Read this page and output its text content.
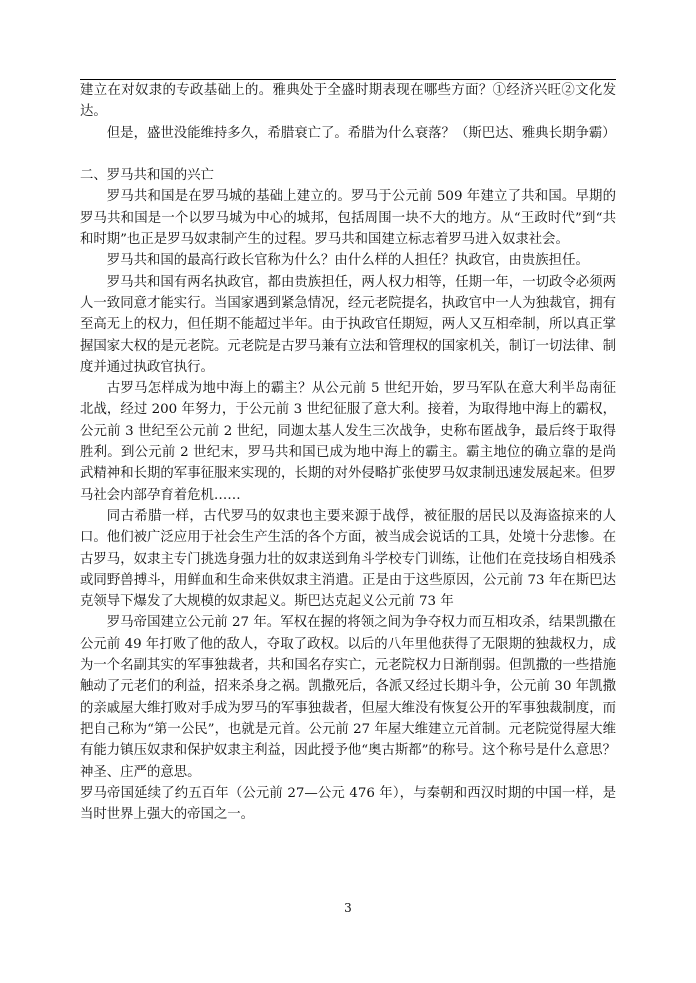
建立在对奴隶的专政基础上的。雅典处于全盛时期表现在哪些方面？①经济兴旺②文化发达。

但是，盛世没能维持多久，希腊衰亡了。希腊为什么衰落？（斯巴达、雅典长期争霸）

二、罗马共和国的兴亡

罗马共和国是在罗马城的基础上建立的。罗马于公元前 509 年建立了共和国。早期的罗马共和国是一个以罗马城为中心的城邦，包括周围一块不大的地方。从“王政时代”到“共和时期”也正是罗马奴隶制产生的过程。罗马共和国建立标志着罗马进入奴隶社会。

罗马共和国的最高行政长官称为什么？由什么样的人担任？执政官，由贵族担任。

罗马共和国有两名执政官，都由贵族担任，两人权力相等，任期一年，一切政令必须两人一致同意才能实行。当国家遇到紧急情况，经元老院提名，执政官中一人为独裁官，拥有至高无上的权力，但任期不能超过半年。由于执政官任期短，两人又互相牵制，所以真正掌握国家大权的是元老院。元老院是古罗马兼有立法和管理权的国家机关，制订一切法律、制度并通过执政官执行。

古罗马怎样成为地中海上的霸主？从公元前 5 世纪开始，罗马军队在意大利半岛南征北战，经过 200 年努力，于公元前 3 世纪征服了意大利。接着，为取得地中海上的霸权，公元前 3 世纪至公元前 2 世纪，同迦太基人发生三次战争，史称布匿战争，最后终于取得胜利。到公元前 2 世纪末，罗马共和国已成为地中海上的霸主。霸主地位的确立靠的是尚武精神和长期的军事征服来实现的，长期的对外侵略扩张使罗马奴隶制迅速发展起来。但罗马社会内部孕育着危机……

同古希腊一样，古代罗马的奴隶也主要来源于战俘，被征服的居民以及海盗掠来的人口。他们被广泛应用于社会生产生活的各个方面，被当成会说话的工具，处境十分悲惨。在古罗马，奴隶主专门挑选身强力壮的奴隶送到角斗学校专门训练，让他们在竞技场自相残杀或同野兽搏斗，用鲜血和生命来供奴隶主消遣。正是由于这些原因，公元前 73 年在斯巴达克领导下爆发了大规模的奴隶起义。斯巴达克起义公元前 73 年

罗马帝国建立公元前 27 年。军权在握的将领之间为争夺权力而互相攻杀，结果凯撒在公元前 49 年打败了他的敌人，夺取了政权。以后的八年里他获得了无限期的独裁权力，成为一个名副其实的军事独裁者，共和国名存实亡，元老院权力日渐削弱。但凯撒的一些措施触动了元老们的利益，招来杀身之祸。凯撒死后，各派又经过长期斗争，公元前 30 年凯撒的亲戚屋大维打败对手成为罗马的军事独裁者，但屋大维没有恢复公开的军事独裁制度，而把自己称为“第一公民”，也就是元首。公元前 27 年屋大维建立元首制。元老院觉得屋大维有能力镇压奴隶和保护奴隶主利益，因此授予他“奥古斯都”的称号。这个称号是什么意思？神圣、庄严的意思。

罗马帝国延续了约五百年（公元前 27—公元 476 年），与秦朝和西汉时期的中国一样，是当时世界上强大的帝国之一。

3
